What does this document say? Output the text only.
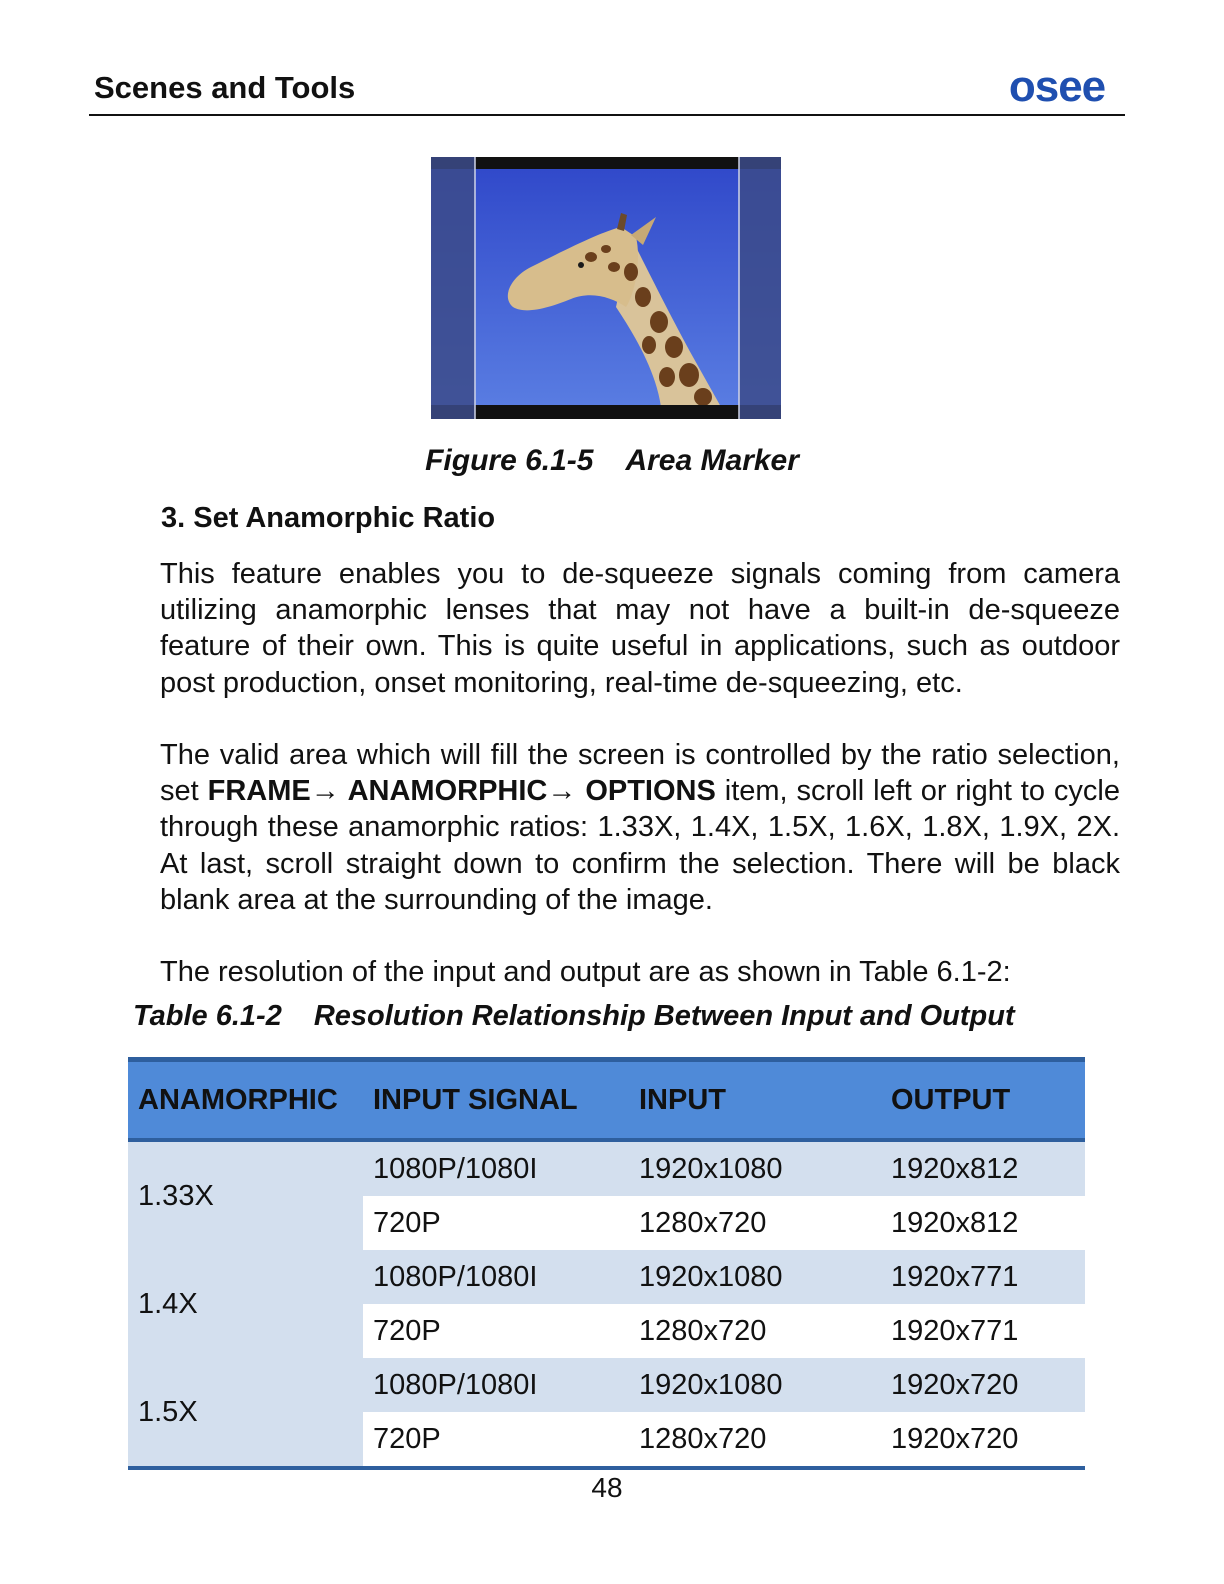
Scenes and Tools	osee
Figure 6.1-5 Area Marker
3. Set Anamorphic Ratio
This feature enables you to de-squeeze signals coming from camera utilizing anamorphic lenses that may not have a built-in de-squeeze feature of their own. This is quite useful in applications, such as outdoor post production, onset monitoring, real-time de-squeezing, etc.
The valid area which will fill the screen is controlled by the ratio selection, set FRAME→ ANAMORPHIC→ OPTIONS item, scroll left or right to cycle through these anamorphic ratios: 1.33X, 1.4X, 1.5X, 1.6X, 1.8X, 1.9X, 2X. At last, scroll straight down to confirm the selection. There will be black blank area at the surrounding of the image.
The resolution of the input and output are as shown in Table 6.1-2:
Table 6.1-2 Resolution Relationship Between Input and Output
ANAMORPHIC	INPUT SIGNAL	INPUT	OUTPUT
1.33X	1080P/1080I	1920x1080	1920x812
	720P	1280x720	1920x812
1.4X	1080P/1080I	1920x1080	1920x771
	720P	1280x720	1920x771
1.5X	1080P/1080I	1920x1080	1920x720
	720P	1280x720	1920x720
48
